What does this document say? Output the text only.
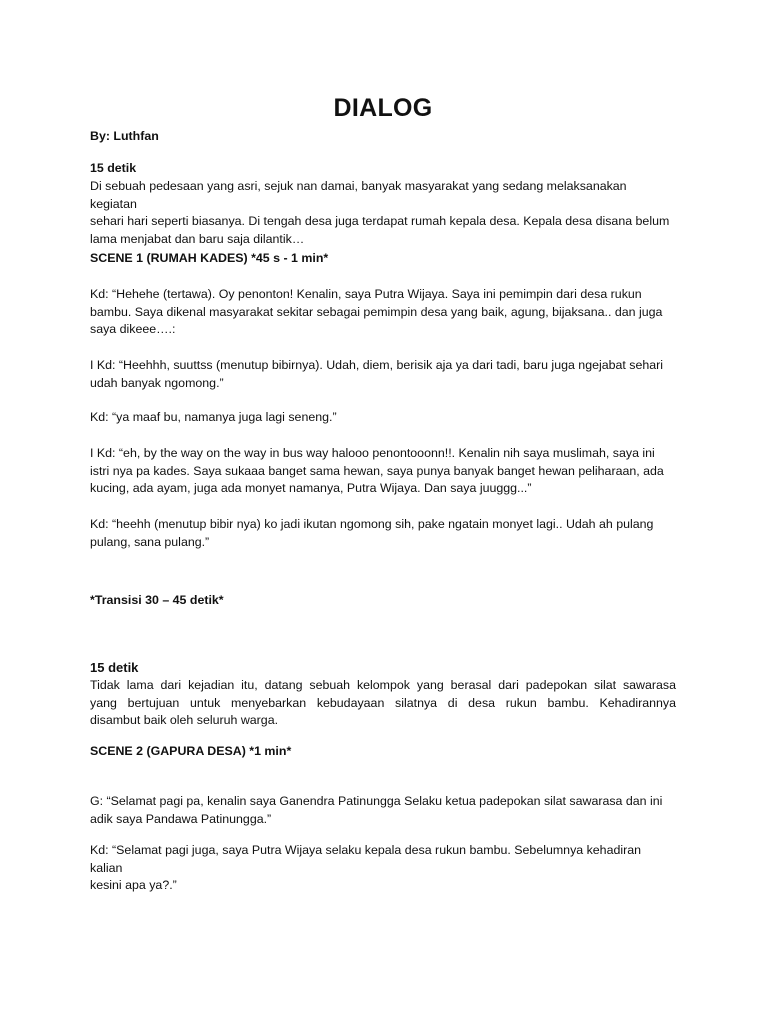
DIALOG

By: Luthfan

15 detik

Di sebuah pedesaan yang asri, sejuk nan damai, banyak masyarakat yang sedang melaksanakan kegiatan
sehari hari seperti biasanya. Di tengah desa juga terdapat rumah kepala desa. Kepala desa disana belum
lama menjabat dan baru saja dilantik…

SCENE 1 (RUMAH KADES) *45 s - 1 min*

Kd: “Hehehe (tertawa). Oy penonton! Kenalin, saya Putra Wijaya. Saya ini pemimpin dari desa rukun
bambu. Saya dikenal masyarakat sekitar sebagai pemimpin desa yang baik, agung, bijaksana.. dan juga
saya dikeee….:

I Kd: “Heehhh, suuttss (menutup bibirnya). Udah, diem, berisik aja ya dari tadi, baru juga ngejabat sehari
udah banyak ngomong.”

Kd: “ya maaf bu, namanya juga lagi seneng.”

I Kd: “eh, by the way on the way in bus way halooo penontooonn!!. Kenalin nih saya muslimah, saya ini
istri nya pa kades. Saya sukaaa banget sama hewan, saya punya banyak banget hewan peliharaan, ada
kucing, ada ayam, juga ada monyet namanya, Putra Wijaya. Dan saya juuggg...”

Kd: “heehh (menutup bibir nya) ko jadi ikutan ngomong sih, pake ngatain monyet lagi.. Udah ah pulang
pulang, sana pulang.”

*Transisi 30 – 45 detik*

15 detik

Tidak lama dari kejadian itu, datang sebuah kelompok yang berasal dari padepokan silat sawarasa
yang bertujuan untuk menyebarkan kebudayaan silatnya di desa rukun bambu. Kehadirannya
disambut baik oleh seluruh warga.

SCENE 2 (GAPURA DESA) *1 min*

G: “Selamat pagi pa, kenalin saya Ganendra Patinungga Selaku ketua padepokan silat sawarasa dan ini
adik saya Pandawa Patinungga.”

Kd: “Selamat pagi juga, saya Putra Wijaya selaku kepala desa rukun bambu. Sebelumnya kehadiran kalian
kesini apa ya?.”
